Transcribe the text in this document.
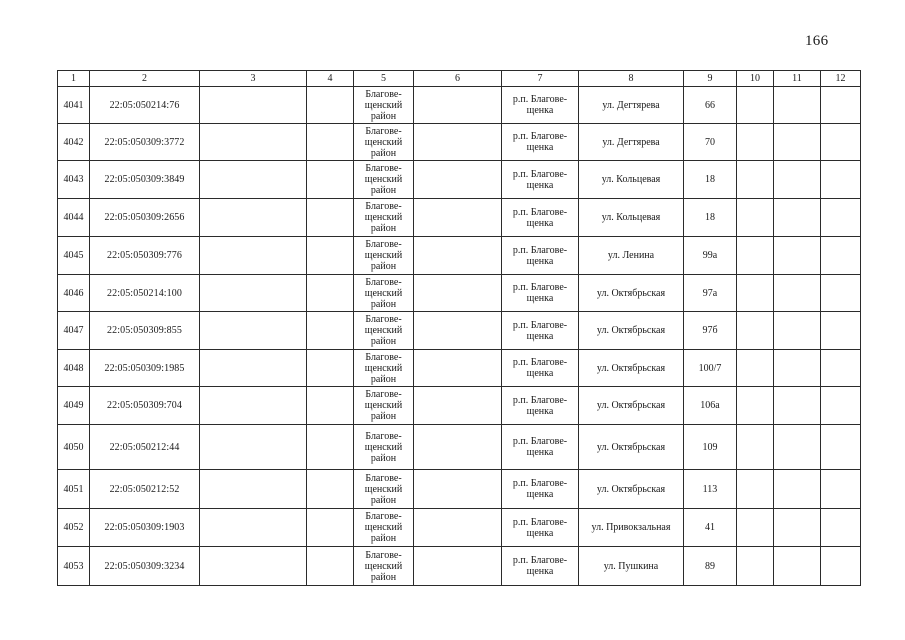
166
1	2	3	4	5	6	7	8	9	10	11	12
4041	22:05:050214:76			Благове-
щенский
район		р.п. Благове-
щенка	ул. Дегтярева	66			
4042	22:05:050309:3772			Благове-
щенский
район		р.п. Благове-
щенка	ул. Дегтярева	70			
4043	22:05:050309:3849			Благове-
щенский
район		р.п. Благове-
щенка	ул. Кольцевая	18			
4044	22:05:050309:2656			Благове-
щенский
район		р.п. Благове-
щенка	ул. Кольцевая	18			
4045	22:05:050309:776			Благове-
щенский
район		р.п. Благове-
щенка	ул. Ленина	99а			
4046	22:05:050214:100			Благове-
щенский
район		р.п. Благове-
щенка	ул. Октябрьская	97а			
4047	22:05:050309:855			Благове-
щенский
район		р.п. Благове-
щенка	ул. Октябрьская	97б			
4048	22:05:050309:1985			Благове-
щенский
район		р.п. Благове-
щенка	ул. Октябрьская	100/7			
4049	22:05:050309:704			Благове-
щенский
район		р.п. Благове-
щенка	ул. Октябрьская	106а			
4050	22:05:050212:44			Благове-
щенский
район		р.п. Благове-
щенка	ул. Октябрьская	109			
4051	22:05:050212:52			Благове-
щенский
район		р.п. Благове-
щенка	ул. Октябрьская	113			
4052	22:05:050309:1903			Благове-
щенский
район		р.п. Благове-
щенка	ул. Привокзальная	41			
4053	22:05:050309:3234			Благове-
щенский
район		р.п. Благове-
щенка	ул. Пушкина	89			
